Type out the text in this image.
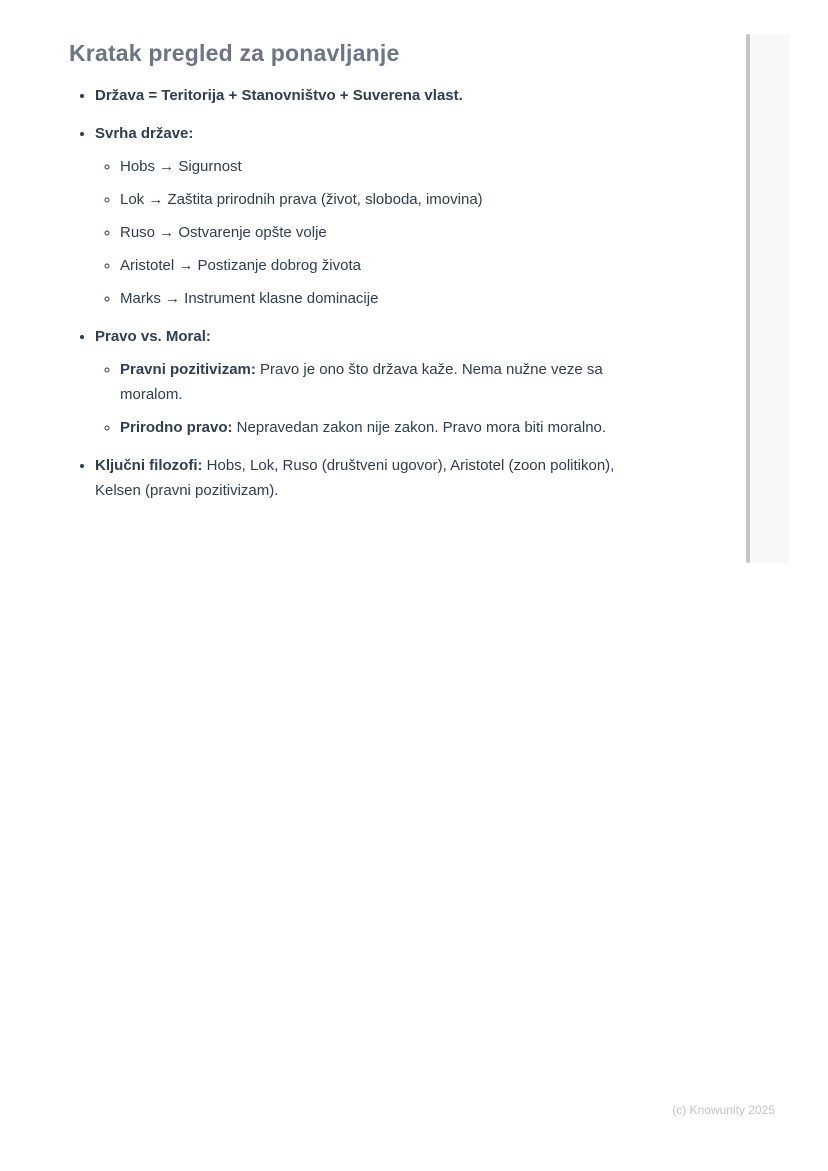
Kratak pregled za ponavljanje
• Država = Teritorija + Stanovništvo + Suverena vlast.
• Svrha države:
◦ Hobs → Sigurnost
◦ Lok → Zaštita prirodnih prava (život, sloboda, imovina)
◦ Ruso → Ostvarenje opšte volje
◦ Aristotel → Postizanje dobrog života
◦ Marks → Instrument klasne dominacije
• Pravo vs. Moral:
◦ Pravni pozitivizam: Pravo je ono što država kaže. Nema nužne veze sa moralom.
◦ Prirodno pravo: Nepravedan zakon nije zakon. Pravo mora biti moralno.
• Ključni filozofi: Hobs, Lok, Ruso (društveni ugovor), Aristotel (zoon politikon), Kelsen (pravni pozitivizam).
(c) Knowunity 2025
